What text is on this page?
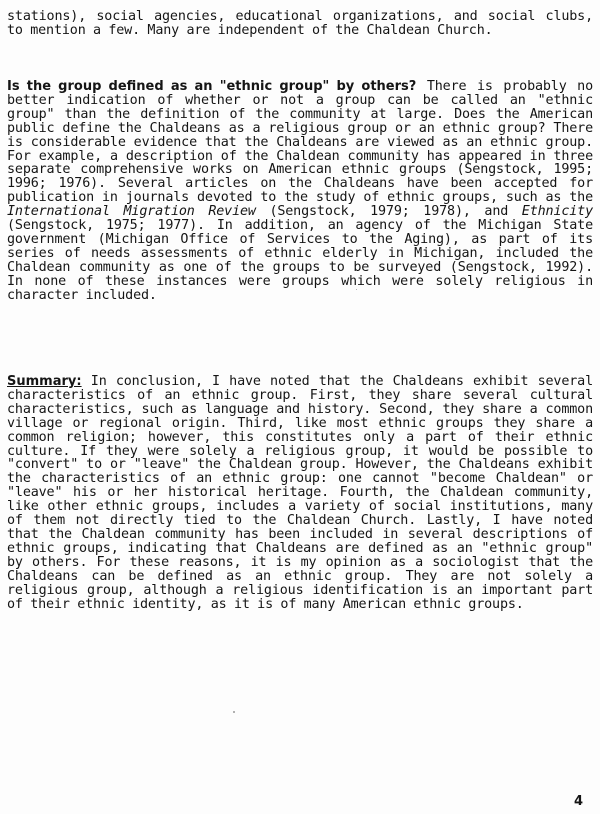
stations), social agencies, educational organizations, and social clubs, to mention a few. Many are independent of the Chaldean Church.

Is the group defined as an "ethnic group" by others? There is probably no better indication of whether or not a group can be called an "ethnic group" than the definition of the community at large. Does the American public define the Chaldeans as a religious group or an ethnic group? There is considerable evidence that the Chaldeans are viewed as an ethnic group. For example, a description of the Chaldean community has appeared in three separate comprehensive works on American ethnic groups (Sengstock, 1995; 1996; 1976). Several articles on the Chaldeans have been accepted for publication in journals devoted to the study of ethnic groups, such as the International Migration Review (Sengstock, 1979; 1978), and Ethnicity (Sengstock, 1975; 1977). In addition, an agency of the Michigan State government (Michigan Office of Services to the Aging), as part of its series of needs assessments of ethnic elderly in Michigan, included the Chaldean community as one of the groups to be surveyed (Sengstock, 1992). In none of these instances were groups which were solely religious in character included.

Summary: In conclusion, I have noted that the Chaldeans exhibit several characteristics of an ethnic group. First, they share several cultural characteristics, such as language and history. Second, they share a common village or regional origin. Third, like most ethnic groups they share a common religion; however, this constitutes only a part of their ethnic culture. If they were solely a religious group, it would be possible to "convert" to or "leave" the Chaldean group. However, the Chaldeans exhibit the characteristics of an ethnic group: one cannot "become Chaldean" or "leave" his or her historical heritage. Fourth, the Chaldean community, like other ethnic groups, includes a variety of social institutions, many of them not directly tied to the Chaldean Church. Lastly, I have noted that the Chaldean community has been included in several descriptions of ethnic groups, indicating that Chaldeans are defined as an "ethnic group" by others. For these reasons, it is my opinion as a sociologist that the Chaldeans can be defined as an ethnic group. They are not solely a religious group, although a religious identification is an important part of their ethnic identity, as it is of many American ethnic groups.

4
